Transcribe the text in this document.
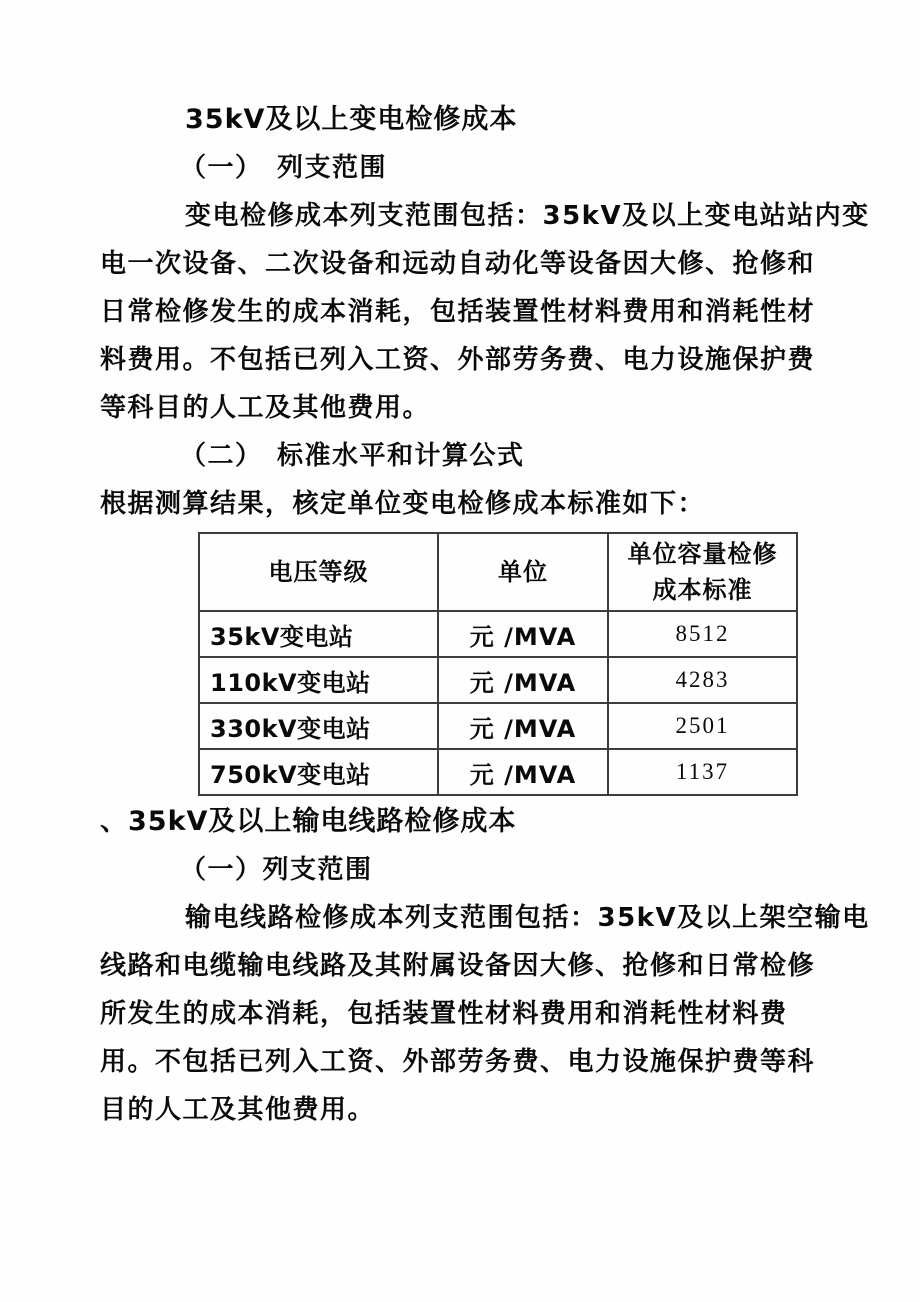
35kV及以上变电检修成本
（一）　列支范围
变电检修成本列支范围包括：35kV及以上变电站站内变
电一次设备、二次设备和远动自动化等设备因大修、抢修和
日常检修发生的成本消耗，包括装置性材料费用和消耗性材
料费用。不包括已列入工资、外部劳务费、电力设施保护费
等科目的人工及其他费用。
（二）　标准水平和计算公式
根据测算结果，核定单位变电检修成本标准如下：
电压等级	单位	单位容量检修成本标准
35kV变电站	元 /MVA	8512
110kV变电站	元 /MVA	4283
330kV变电站	元 /MVA	2501
750kV变电站	元 /MVA	1137
、35kV及以上输电线路检修成本
（一）列支范围
输电线路检修成本列支范围包括：35kV及以上架空输电
线路和电缆输电线路及其附属设备因大修、抢修和日常检修
所发生的成本消耗，包括装置性材料费用和消耗性材料费
用。不包括已列入工资、外部劳务费、电力设施保护费等科
目的人工及其他费用。
